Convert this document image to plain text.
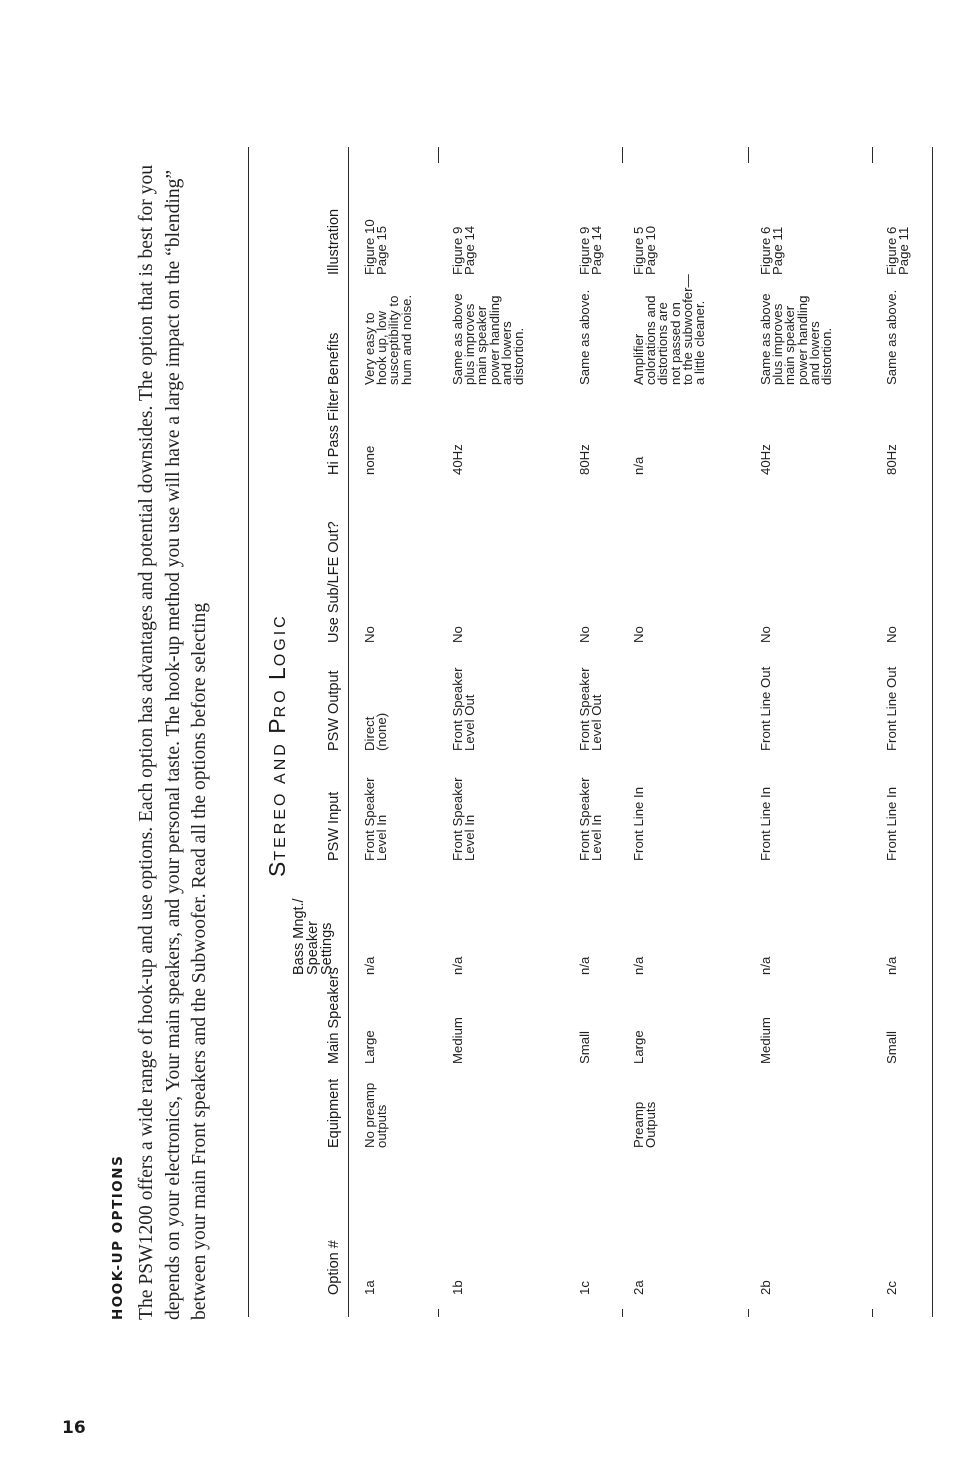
16
HOOK-UP OPTIONS The PSW1200 offers a wide range of hook-up and use options. Each option has advantages and potential downsides. The option that is best for you depends on your electronics, Your main speakers, and your personal taste. The hook-up method you use will have a large impact on the “blending” between your main Front speakers and the Subwoofer. Read all the options before selecting STEREO AND PRO LOGIC
Option #
Equipment
Main Speakers
Bass Mngt./
Speaker
Settings
PSW Input
PSW Output
Use Sub/LFE Out?
Hi Pass Filter
Benefits
Illustration
1a
No preamp
outputs
Large
n/a
Front Speaker
Level In
Direct
(none)
No
none
Very easy to
hook up, low
susceptibility to
hum and noise.
Figure 10
Page 15
1b
Medium
n/a
Front Speaker
Level In
Front Speaker
Level Out
No
40Hz
Same as above
plus improves
main speaker
power handling
and lowers
distortion.
Figure 9
Page 14
1c
Small
n/a
Front Speaker
Level In
Front Speaker
Level Out
No
80Hz
Same as above.
Figure 9
Page 14
2a
Preamp
Outputs
Large
n/a
Front Line In
No
n/a
Amplifier
colorations and
distortions are
not passed on
to the subwoofer—
a little cleaner.
Figure 5
Page 10
2b
Medium
n/a
Front Line In
Front Line Out
No
40Hz
Same as above
plus improves
main speaker
power handling
and lowers
distortion.
Figure 6
Page 11
2c
Small
n/a
Front Line In
Front Line Out
No
80Hz
Same as above.
Figure 6
Page 11
